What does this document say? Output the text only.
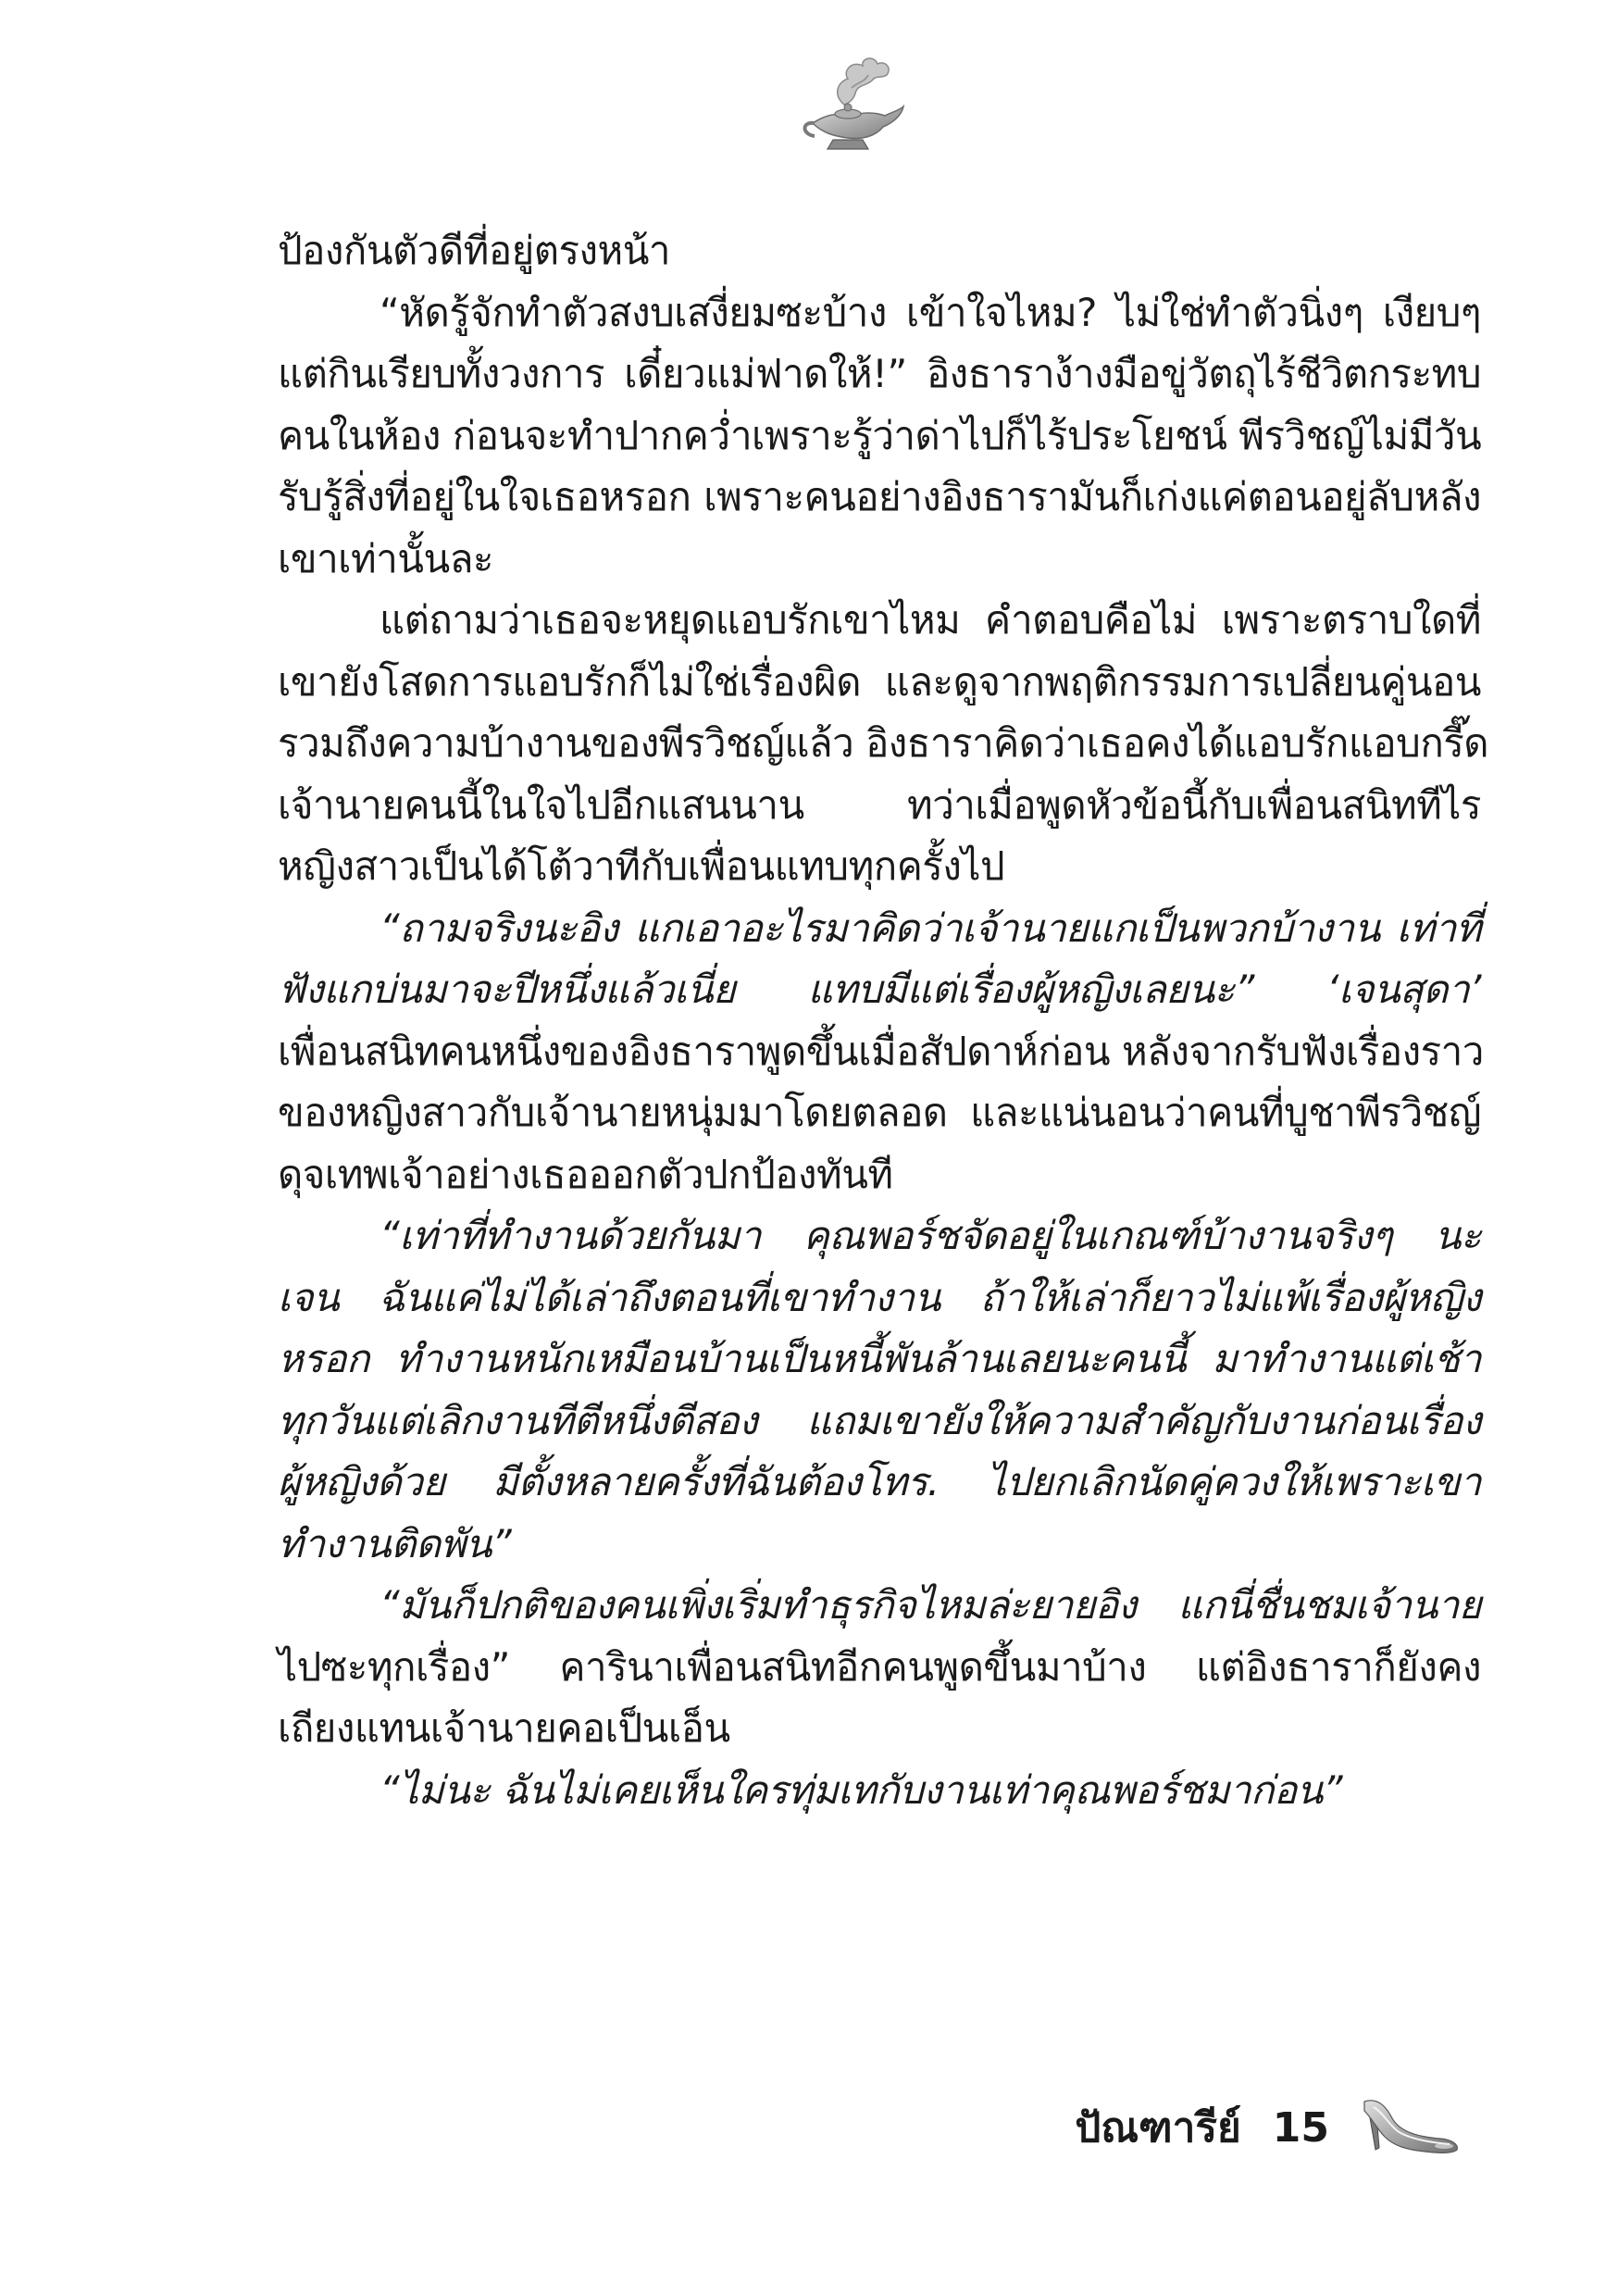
ป้องกันตัวดีที่อยู่ตรงหน้า
“หัดรู้จักทำตัวสงบเสงี่ยมซะบ้าง เข้าใจไหม? ไม่ใช่ทำตัวนิ่งๆ เงียบๆ
แต่กินเรียบทั้งวงการ เดี๋ยวแม่ฟาดให้!” อิงธาราง้างมือขู่วัตถุไร้ชีวิตกระทบ
คนในห้อง ก่อนจะทำปากคว่ำเพราะรู้ว่าด่าไปก็ไร้ประโยชน์ พีรวิชญ์ไม่มีวัน
รับรู้สิ่งที่อยู่ในใจเธอหรอก เพราะคนอย่างอิงธารามันก็เก่งแค่ตอนอยู่ลับหลัง
เขาเท่านั้นละ
แต่ถามว่าเธอจะหยุดแอบรักเขาไหม คำตอบคือไม่ เพราะตราบใดที่
เขายังโสดการแอบรักก็ไม่ใช่เรื่องผิด และดูจากพฤติกรรมการเปลี่ยนคู่นอน
รวมถึงความบ้างานของพีรวิชญ์แล้ว อิงธาราคิดว่าเธอคงได้แอบรักแอบกรี๊ด
เจ้านายคนนี้ในใจไปอีกแสนนาน ทว่าเมื่อพูดหัวข้อนี้กับเพื่อนสนิททีไร
หญิงสาวเป็นได้โต้วาทีกับเพื่อนแทบทุกครั้งไป
“ถามจริงนะอิง แกเอาอะไรมาคิดว่าเจ้านายแกเป็นพวกบ้างาน เท่าที่
ฟังแกบ่นมาจะปีหนึ่งแล้วเนี่ย แทบมีแต่เรื่องผู้หญิงเลยนะ” ‘เจนสุดา’
เพื่อนสนิทคนหนึ่งของอิงธาราพูดขึ้นเมื่อสัปดาห์ก่อน หลังจากรับฟังเรื่องราว
ของหญิงสาวกับเจ้านายหนุ่มมาโดยตลอด และแน่นอนว่าคนที่บูชาพีรวิชญ์
ดุจเทพเจ้าอย่างเธอออกตัวปกป้องทันที
“เท่าที่ทำงานด้วยกันมา คุณพอร์ชจัดอยู่ในเกณฑ์บ้างานจริงๆ นะ
เจน ฉันแค่ไม่ได้เล่าถึงตอนที่เขาทำงาน ถ้าให้เล่าก็ยาวไม่แพ้เรื่องผู้หญิง
หรอก ทำงานหนักเหมือนบ้านเป็นหนี้พันล้านเลยนะคนนี้ มาทำงานแต่เช้า
ทุกวันแต่เลิกงานทีตีหนึ่งตีสอง แถมเขายังให้ความสำคัญกับงานก่อนเรื่อง
ผู้หญิงด้วย มีตั้งหลายครั้งที่ฉันต้องโทร. ไปยกเลิกนัดคู่ควงให้เพราะเขา
ทำงานติดพัน”
“มันก็ปกติของคนเพิ่งเริ่มทำธุรกิจไหมล่ะยายอิง แกนี่ชื่นชมเจ้านาย
ไปซะทุกเรื่อง” คารินาเพื่อนสนิทอีกคนพูดขึ้นมาบ้าง แต่อิงธาราก็ยังคง
เถียงแทนเจ้านายคอเป็นเอ็น
“ไม่นะ ฉันไม่เคยเห็นใครทุ่มเทกับงานเท่าคุณพอร์ชมาก่อน”
ปัณฑารีย์ 15
